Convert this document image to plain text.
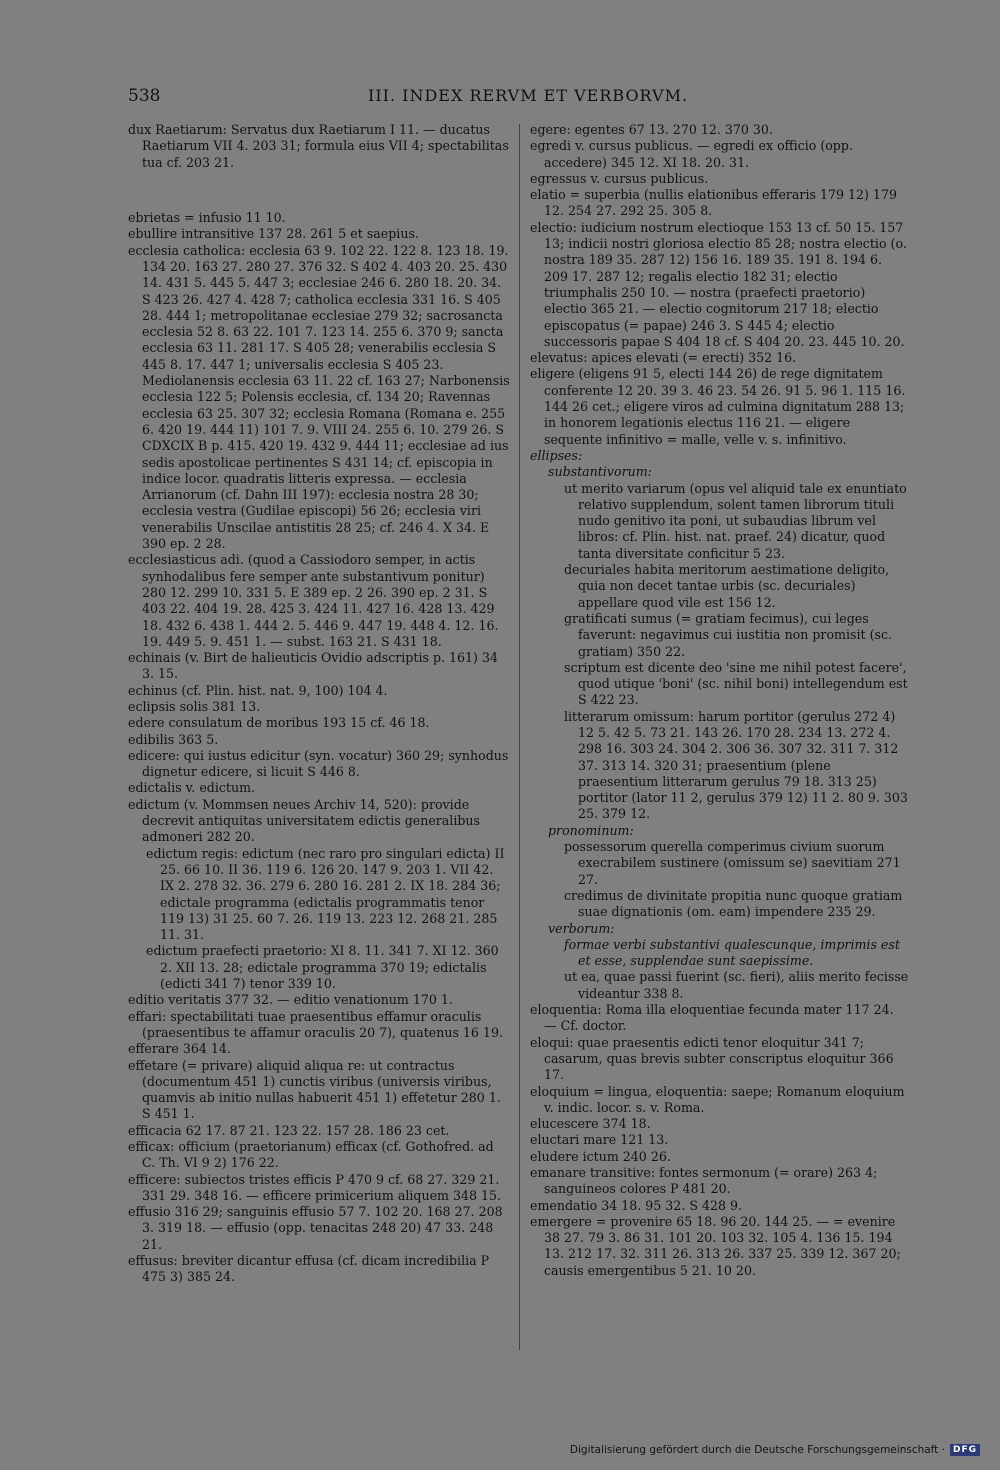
538	III. INDEX RERVM ET VERBORVM.

dux Raetiarum: Servatus dux Raetiarum I 11. — ducatus Raetiarum VII 4. 203 31; formula eius VII 4; spectabilitas tua cf. 203 21.

ebrietas = infusio 11 10.

ebullire intransitive 137 28. 261 5 et saepius.

ecclesia catholica: ecclesia 63 9. 102 22. 122 8. 123 18. 19. 134 20. 163 27. 280 27. 376 32. S 402 4. 403 20. 25. 430 14. 431 5. 445 5. 447 3; ecclesiae 246 6. 280 18. 20. 34. S 423 26. 427 4. 428 7; catholica ecclesia 331 16. S 405 28. 444 1; metropolitanae ecclesiae 279 32; sacrosancta ecclesia 52 8. 63 22. 101 7. 123 14. 255 6. 370 9; sancta ecclesia 63 11. 281 17. S 405 28; venerabilis ecclesia S 445 8. 17. 447 1; universalis ecclesia S 405 23. Mediolanensis ecclesia 63 11. 22 cf. 163 27; Narbonensis ecclesia 122 5; Polensis ecclesia, cf. 134 20; Ravennas ecclesia 63 25. 307 32; ecclesia Romana (Romana e. 255 6. 420 19. 444 11) 101 7. 9. VIII 24. 255 6. 10. 279 26. S CDXCIX B p. 415. 420 19. 432 9. 444 11; ecclesiae ad ius sedis apostolicae pertinentes S 431 14; cf. episcopia in indice locor. quadratis litteris expressa. — ecclesia Arrianorum (cf. Dahn III 197): ecclesia nostra 28 30; ecclesia vestra (Gudilae episcopi) 56 26; ecclesia viri venerabilis Unscilae antistitis 28 25; cf. 246 4. X 34. E 390 ep. 2 28.

ecclesiasticus adi. (quod a Cassiodoro semper, in actis synhodalibus fere semper ante substantivum ponitur) 280 12. 299 10. 331 5. E 389 ep. 2 26. 390 ep. 2 31. S 403 22. 404 19. 28. 425 3. 424 11. 427 16. 428 13. 429 18. 432 6. 438 1. 444 2. 5. 446 9. 447 19. 448 4. 12. 16. 19. 449 5. 9. 451 1. — subst. 163 21. S 431 18.

echinais (v. Birt de halieuticis Ovidio adscriptis p. 161) 34 3. 15.

echinus (cf. Plin. hist. nat. 9, 100) 104 4.

eclipsis solis 381 13.

edere consulatum de moribus 193 15 cf. 46 18.

edibilis 363 5.

edicere: qui iustus edicitur (syn. vocatur) 360 29; synhodus dignetur edicere, si licuit S 446 8.

edictalis v. edictum.

edictum (v. Mommsen neues Archiv 14, 520): provide decrevit antiquitas universitatem edictis generalibus admoneri 282 20.

edictum regis: edictum (nec raro pro singulari edicta) II 25. 66 10. II 36. 119 6. 126 20. 147 9. 203 1. VII 42. IX 2. 278 32. 36. 279 6. 280 16. 281 2. IX 18. 284 36; edictale programma (edictalis programmatis tenor 119 13) 31 25. 60 7. 26. 119 13. 223 12. 268 21. 285 11. 31.

edictum praefecti praetorio: XI 8. 11. 341 7. XI 12. 360 2. XII 13. 28; edictale programma 370 19; edictalis (edicti 341 7) tenor 339 10.

editio veritatis 377 32. — editio venationum 170 1.

effari: spectabilitati tuae praesentibus effamur oraculis (praesentibus te affamur oraculis 20 7), quatenus 16 19.

efferare 364 14.

effetare (= privare) aliquid aliqua re: ut contractus (documentum 451 1) cunctis viribus (universis viribus, quamvis ab initio nullas habuerit 451 1) effetetur 280 1. S 451 1.

efficacia 62 17. 87 21. 123 22. 157 28. 186 23 cet.

efficax: officium (praetorianum) efficax (cf. Gothofred. ad C. Th. VI 9 2) 176 22.

efficere: subiectos tristes efficis P 470 9 cf. 68 27. 329 21. 331 29. 348 16. — efficere primicerium aliquem 348 15.

effusio 316 29; sanguinis effusio 57 7. 102 20. 168 27. 208 3. 319 18. — effusio (opp. tenacitas 248 20) 47 33. 248 21.

effusus: breviter dicantur effusa (cf. dicam incredibilia P 475 3) 385 24.

egere: egentes 67 13. 270 12. 370 30.

egredi v. cursus publicus. — egredi ex officio (opp. accedere) 345 12. XI 18. 20. 31.

egressus v. cursus publicus.

elatio = superbia (nullis elationibus efferaris 179 12) 179 12. 254 27. 292 25. 305 8.

electio: iudicium nostrum electioque 153 13 cf. 50 15. 157 13; indicii nostri gloriosa electio 85 28; nostra electio (o. nostra 189 35. 287 12) 156 16. 189 35. 191 8. 194 6. 209 17. 287 12; regalis electio 182 31; electio triumphalis 250 10. — nostra (praefecti praetorio) electio 365 21. — electio cognitorum 217 18; electio episcopatus (= papae) 246 3. S 445 4; electio successoris papae S 404 18 cf. S 404 20. 23. 445 10. 20.

elevatus: apices elevati (= erecti) 352 16.

eligere (eligens 91 5, electi 144 26) de rege dignitatem conferente 12 20. 39 3. 46 23. 54 26. 91 5. 96 1. 115 16. 144 26 cet.; eligere viros ad culmina dignitatum 288 13; in honorem legationis electus 116 21. — eligere sequente infinitivo = malle, velle v. s. infinitivo.

ellipses:

substantivorum:

ut merito variarum (opus vel aliquid tale ex enuntiato relativo supplendum, solent tamen librorum tituli nudo genitivo ita poni, ut subaudias librum vel libros: cf. Plin. hist. nat. praef. 24) dicatur, quod tanta diversitate conficitur 5 23.

decuriales habita meritorum aestimatione deligito, quia non decet tantae urbis (sc. decuriales) appellare quod vile est 156 12.

gratificati sumus (= gratiam fecimus), cui leges faverunt: negavimus cui iustitia non promisit (sc. gratiam) 350 22.

scriptum est dicente deo 'sine me nihil potest facere', quod utique 'boni' (sc. nihil boni) intellegendum est S 422 23.

litterarum omissum: harum portitor (gerulus 272 4) 12 5. 42 5. 73 21. 143 26. 170 28. 234 13. 272 4. 298 16. 303 24. 304 2. 306 36. 307 32. 311 7. 312 37. 313 14. 320 31; praesentium (plene praesentium litterarum gerulus 79 18. 313 25) portitor (lator 11 2, gerulus 379 12) 11 2. 80 9. 303 25. 379 12.

pronominum:

possessorum querella comperimus civium suorum execrabilem sustinere (omissum se) saevitiam 271 27.

credimus de divinitate propitia nunc quoque gratiam suae dignationis (om. eam) impendere 235 29.

verborum:

formae verbi substantivi qualescunque, imprimis est et esse, supplendae sunt saepissime.

ut ea, quae passi fuerint (sc. fieri), aliis merito fecisse videantur 338 8.

eloquentia: Roma illa eloquentiae fecunda mater 117 24. — Cf. doctor.

eloqui: quae praesentis edicti tenor eloquitur 341 7; casarum, quas brevis subter conscriptus eloquitur 366 17.

eloquium = lingua, eloquentia: saepe; Romanum eloquium v. indic. locor. s. v. Roma.

elucescere 374 18.

eluctari mare 121 13.

eludere ictum 240 26.

emanare transitive: fontes sermonum (= orare) 263 4; sanguineos colores P 481 20.

emendatio 34 18. 95 32. S 428 9.

emergere = provenire 65 18. 96 20. 144 25. — = evenire 38 27. 79 3. 86 31. 101 20. 103 32. 105 4. 136 15. 194 13. 212 17. 32. 311 26. 313 26. 337 25. 339 12. 367 20; causis emergentibus 5 21. 10 20.

Digitalisierung gefördert durch die Deutsche Forschungsgemeinschaft · DFG
